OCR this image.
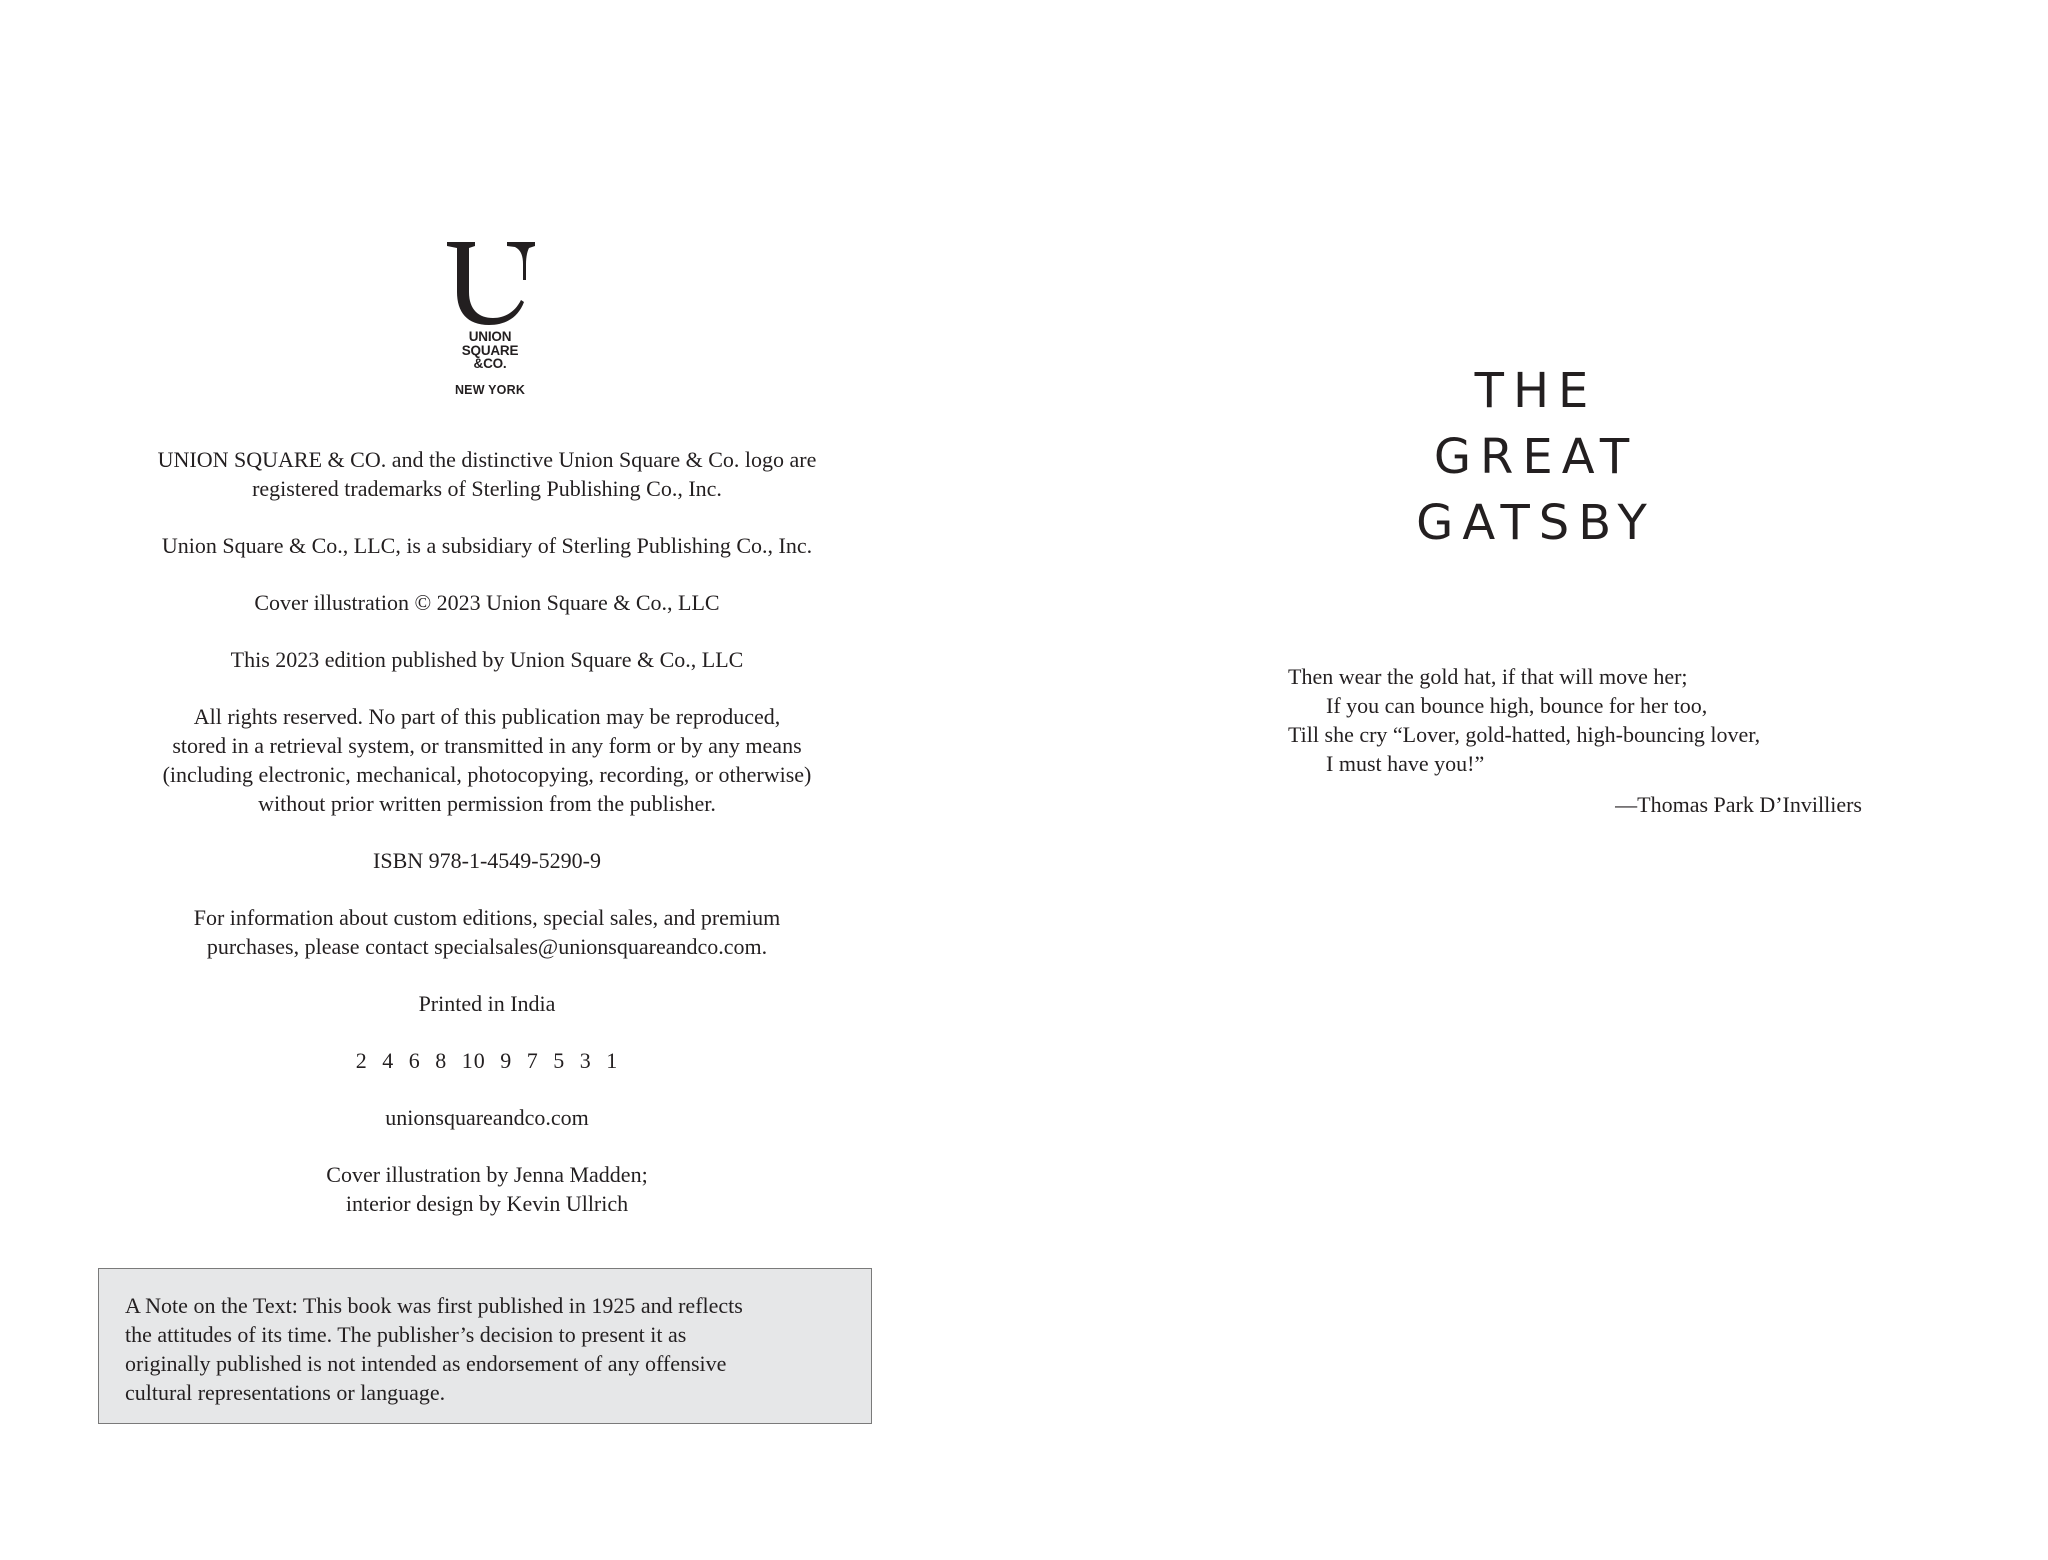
UNION
SQUARE
&CO.
NEW YORK

UNION SQUARE & CO. and the distinctive Union Square & Co. logo are
registered trademarks of Sterling Publishing Co., Inc.

Union Square & Co., LLC, is a subsidiary of Sterling Publishing Co., Inc.

Cover illustration © 2023 Union Square & Co., LLC

This 2023 edition published by Union Square & Co., LLC

All rights reserved. No part of this publication may be reproduced,
stored in a retrieval system, or transmitted in any form or by any means
(including electronic, mechanical, photocopying, recording, or otherwise)
without prior written permission from the publisher.

ISBN 978-1-4549-5290-9

For information about custom editions, special sales, and premium
purchases, please contact specialsales@unionsquareandco.com.

Printed in India

2 4 6 8 10 9 7 5 3 1

unionsquareandco.com

Cover illustration by Jenna Madden;
interior design by Kevin Ullrich

A Note on the Text: This book was first published in 1925 and reflects
the attitudes of its time. The publisher’s decision to present it as
originally published is not intended as endorsement of any offensive
cultural representations or language.
THE
GREAT
GATSBY
Then wear the gold hat, if that will move her;
If you can bounce high, bounce for her too,
Till she cry “Lover, gold-hatted, high-bouncing lover,
I must have you!”
—Thomas Park D’Invilliers
